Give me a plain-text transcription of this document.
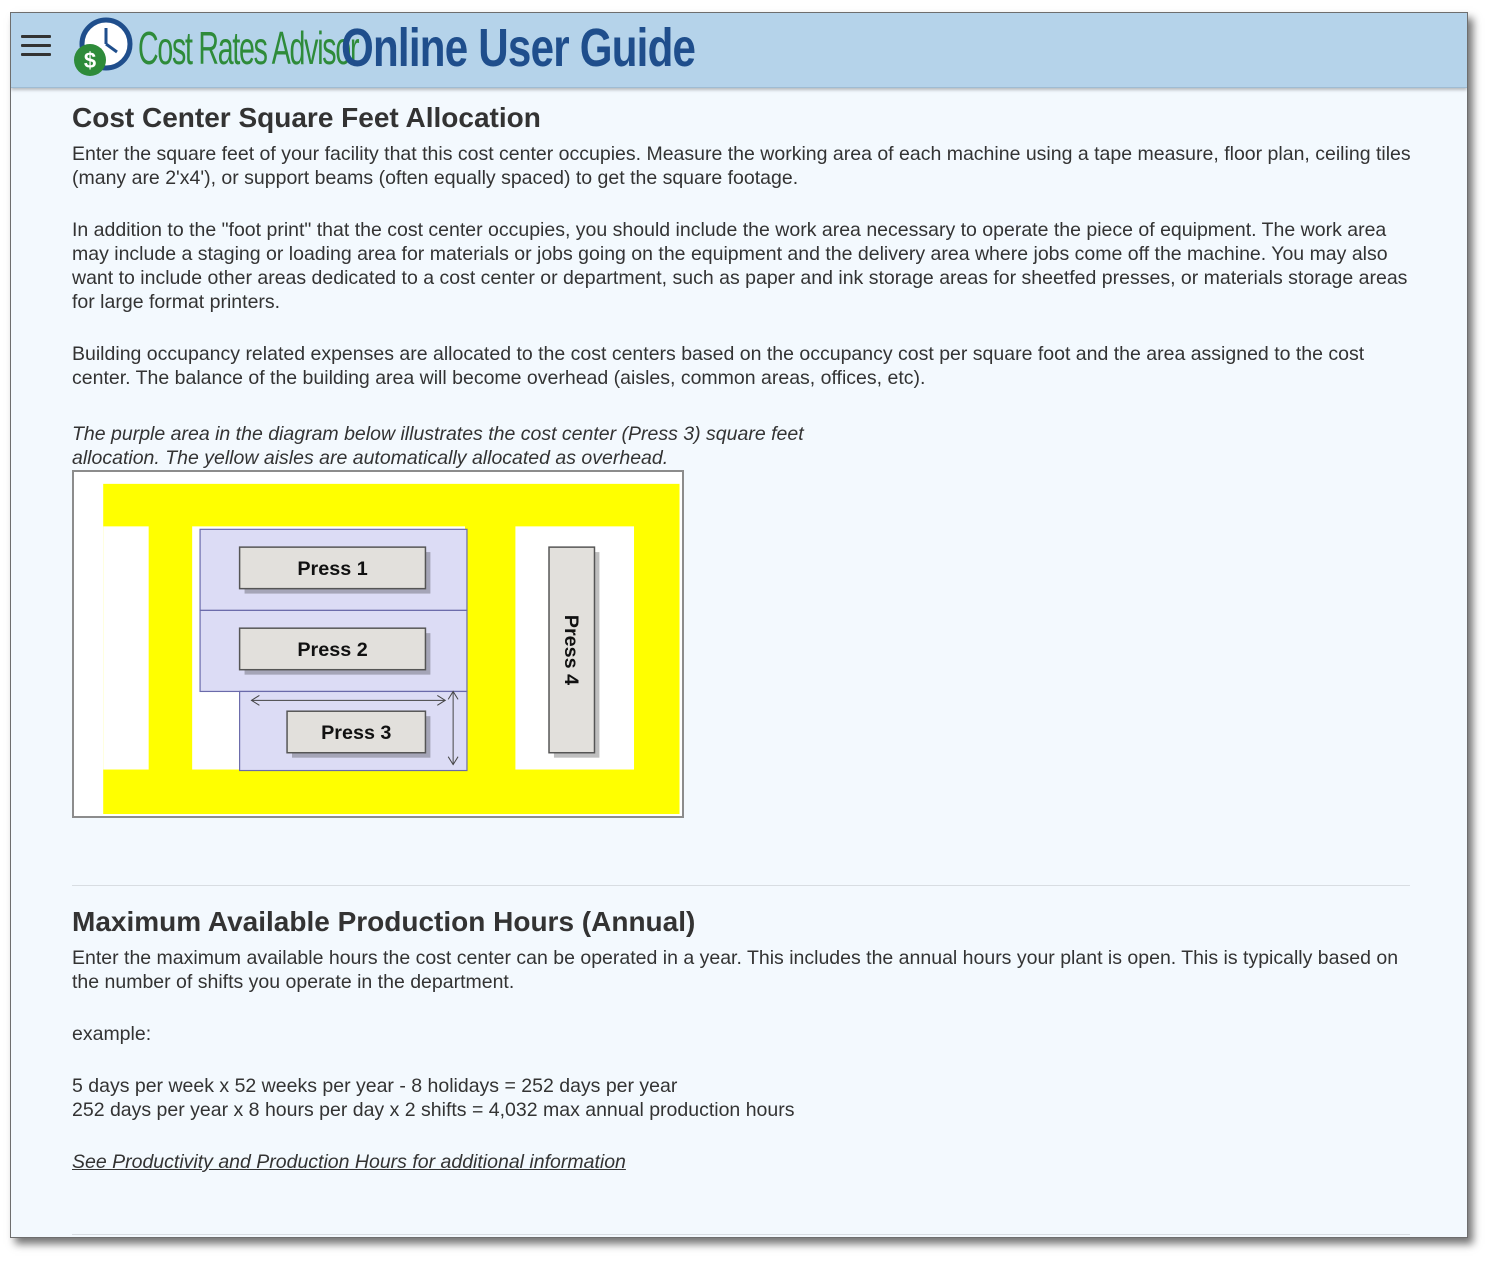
$ Cost Rates Advisor
Online User Guide
Cost Center Square Feet Allocation

Enter the square feet of your facility that this cost center occupies. Measure the working area of each machine using a tape measure, floor plan, ceiling tiles (many are 2'x4'), or support beams (often equally spaced) to get the square footage.

In addition to the "foot print" that the cost center occupies, you should include the work area necessary to operate the piece of equipment. The work area may include a staging or loading area for materials or jobs going on the equipment and the delivery area where jobs come off the machine. You may also want to include other areas dedicated to a cost center or department, such as paper and ink storage areas for sheetfed presses, or materials storage areas for large format printers.

Building occupancy related expenses are allocated to the cost centers based on the occupancy cost per square foot and the area assigned to the cost center. The balance of the building area will become overhead (aisles, common areas, offices, etc).

The purple area in the diagram below illustrates the cost center (Press 3) square feet allocation. The yellow aisles are automatically allocated as overhead.

Press 1
Press 2
Press 3
Press 4
Maximum Available Production Hours (Annual)

Enter the maximum available hours the cost center can be operated in a year. This includes the annual hours your plant is open. This is typically based on the number of shifts you operate in the department.

example:

5 days per week x 52 weeks per year - 8 holidays = 252 days per year

252 days per year x 8 hours per day x 2 shifts = 4,032 max annual production hours

See Productivity and Production Hours for additional information
